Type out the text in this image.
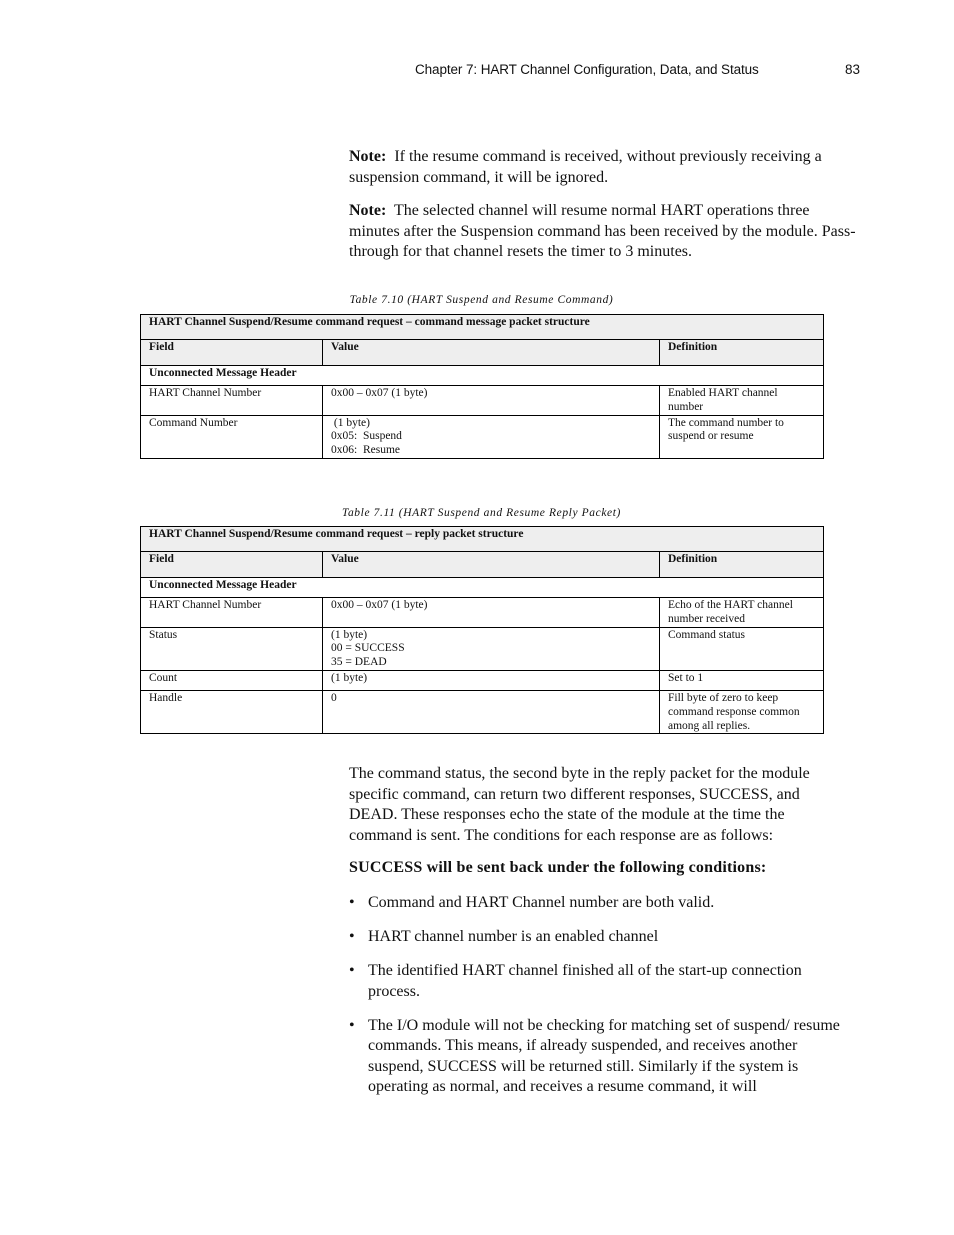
Chapter 7: HART Channel Configuration, Data, and Status	83

Note: If the resume command is received, without previously receiving a suspension command, it will be ignored.

Note: The selected channel will resume normal HART operations three minutes after the Suspension command has been received by the module. Pass-through for that channel resets the timer to 3 minutes.

Table 7.10 (HART Suspend and Resume Command)
HART Channel Suspend/Resume command request – command message packet structure		
Field	Value	Definition
Unconnected Message Header		
HART Channel Number	0x00 – 0x07 (1 byte)	Enabled HART channel
number

Command Number	(1 byte)
0x05:  Suspend
0x06:  Resume	The command number to
suspend or resume
Table 7.11 (HART Suspend and Resume Reply Packet)
HART Channel Suspend/Resume command request – reply packet structure		
Field	Value	Definition
Unconnected Message Header		
HART Channel Number	0x00 – 0x07 (1 byte)	Echo of the HART channel
number received

Status	(1 byte)
00 = SUCCESS
35 = DEAD	Command status

Count	(1 byte)	Set to 1

Handle	0	Fill byte of zero to keep
command response common
among all replies.

The command status, the second byte in the reply packet for the module specific command, can return two different responses, SUCCESS, and DEAD. These responses echo the state of the module at the time the command is sent. The conditions for each response are as follows:

SUCCESS will be sent back under the following conditions:
• Command and HART Channel number are both valid.
• HART channel number is an enabled channel
• The identified HART channel finished all of the start-up connection process.
• The I/O module will not be checking for matching set of suspend/ resume commands. This means, if already suspended, and receives another suspend, SUCCESS will be returned still. Similarly if the system is operating as normal, and receives a resume command, it will
